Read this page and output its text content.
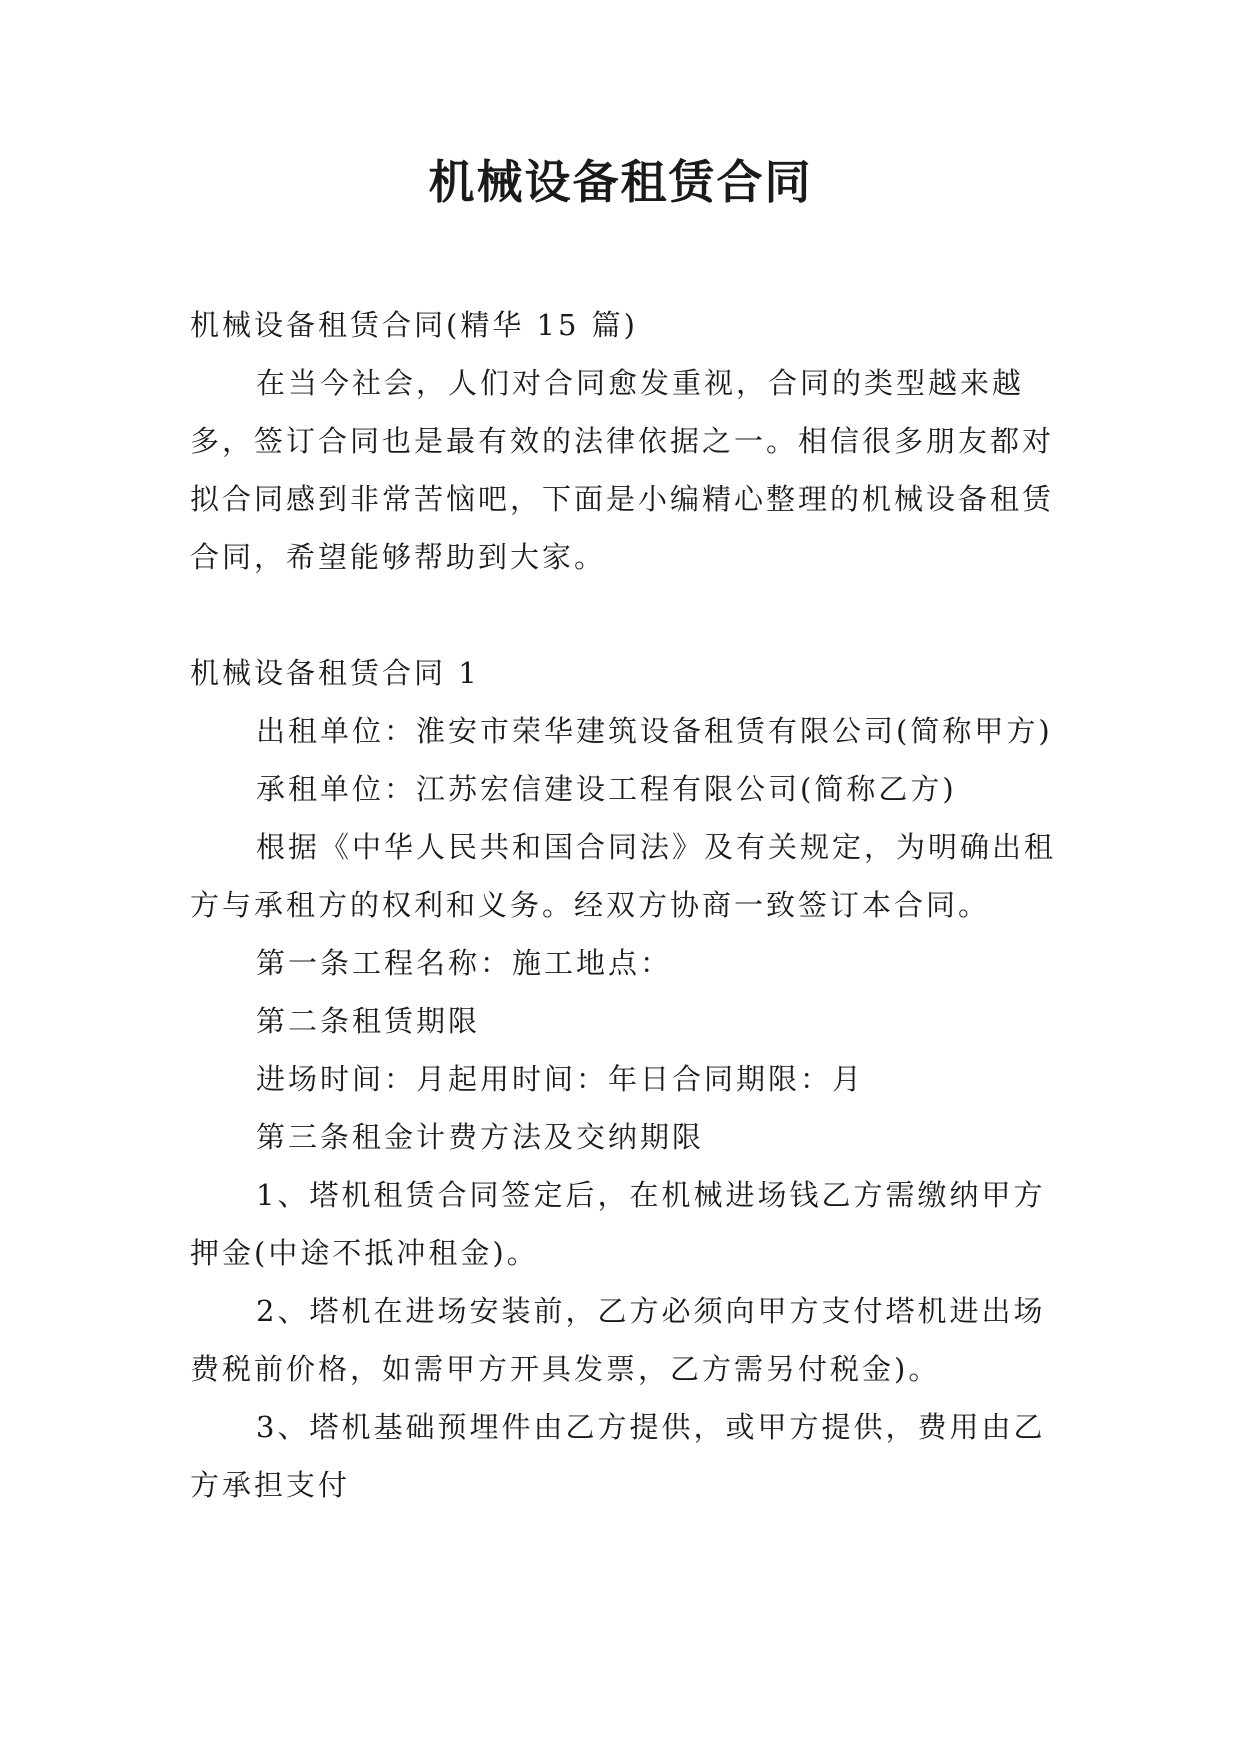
机械设备租赁合同

机械设备租赁合同(精华 15 篇)

在当今社会，人们对合同愈发重视，合同的类型越来越多，签订合同也是最有效的法律依据之一。相信很多朋友都对拟合同感到非常苦恼吧，下面是小编精心整理的机械设备租赁合同，希望能够帮助到大家。

机械设备租赁合同 1

出租单位：淮安市荣华建筑设备租赁有限公司(简称甲方)

承租单位：江苏宏信建设工程有限公司(简称乙方)

根据《中华人民共和国合同法》及有关规定，为明确出租方与承租方的权利和义务。经双方协商一致签订本合同。

第一条工程名称：施工地点：

第二条租赁期限

进场时间：月起用时间：年日合同期限：月

第三条租金计费方法及交纳期限

1、塔机租赁合同签定后，在机械进场钱乙方需缴纳甲方押金(中途不抵冲租金)。

2、塔机在进场安装前，乙方必须向甲方支付塔机进出场费税前价格，如需甲方开具发票，乙方需另付税金)。

3、塔机基础预埋件由乙方提供，或甲方提供，费用由乙方承担支付
